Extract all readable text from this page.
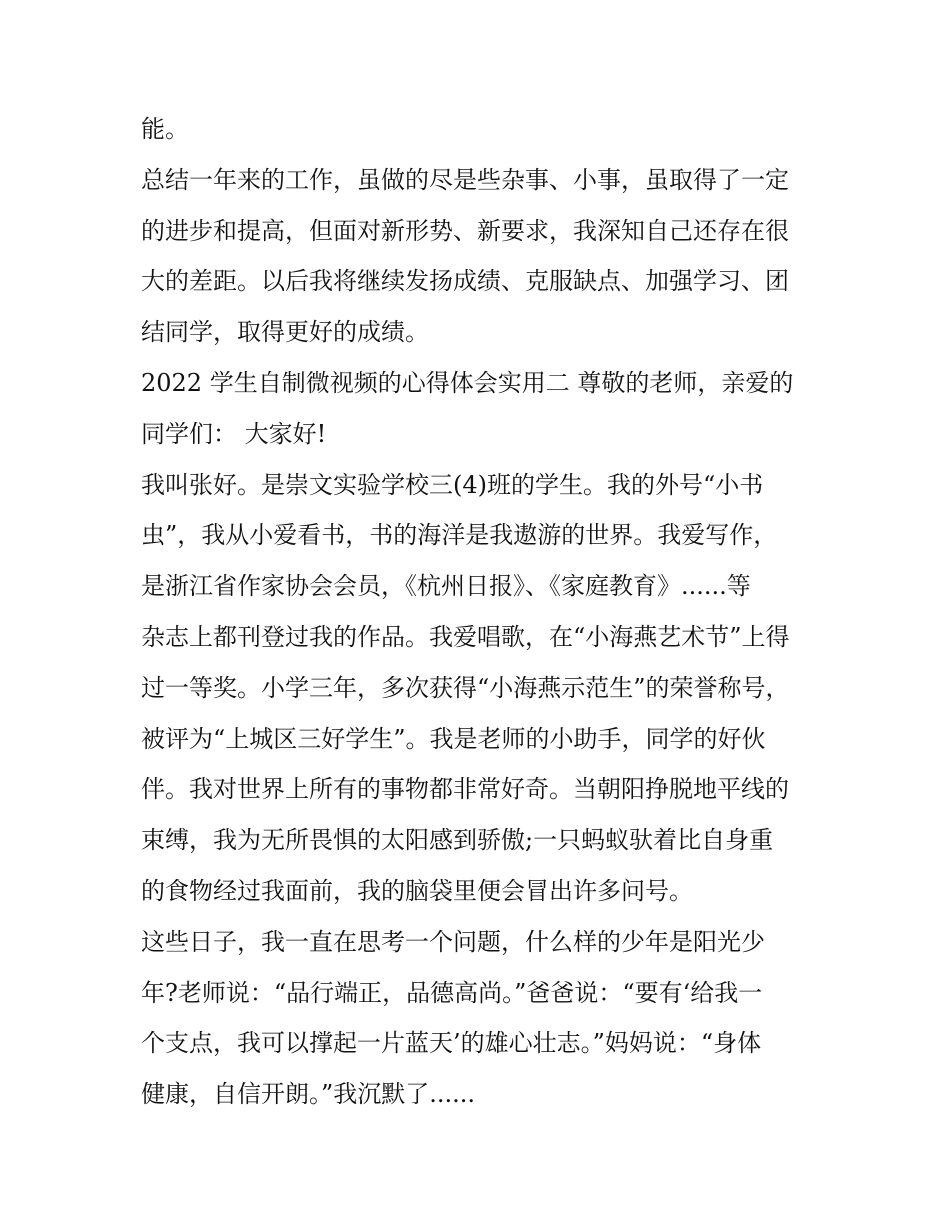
能。
总结一年来的工作，虽做的尽是些杂事、小事，虽取得了一定
的进步和提高，但面对新形势、新要求，我深知自己还存在很
大的差距。以后我将继续发扬成绩、克服缺点、加强学习、团
结同学，取得更好的成绩。
2022 学生自制微视频的心得体会实用二 尊敬的老师，亲爱的
同学们： 大家好!
我叫张好。是崇文实验学校三(4)班的学生。我的外号“小书
虫”，我从小爱看书，书的海洋是我遨游的世界。我爱写作，
是浙江省作家协会会员，《杭州日报》、《家庭教育》......等
杂志上都刊登过我的作品。我爱唱歌，在“小海燕艺术节”上得
过一等奖。小学三年，多次获得“小海燕示范生”的荣誉称号，
被评为“上城区三好学生”。我是老师的小助手，同学的好伙
伴。我对世界上所有的事物都非常好奇。当朝阳挣脱地平线的
束缚，我为无所畏惧的太阳感到骄傲;一只蚂蚁驮着比自身重
的食物经过我面前，我的脑袋里便会冒出许多问号。
这些日子，我一直在思考一个问题，什么样的少年是阳光少
年?老师说：“品行端正，品德高尚。”爸爸说：“要有‘给我一
个支点，我可以撑起一片蓝天’的雄心壮志。”妈妈说：“身体
健康，自信开朗。”我沉默了......
